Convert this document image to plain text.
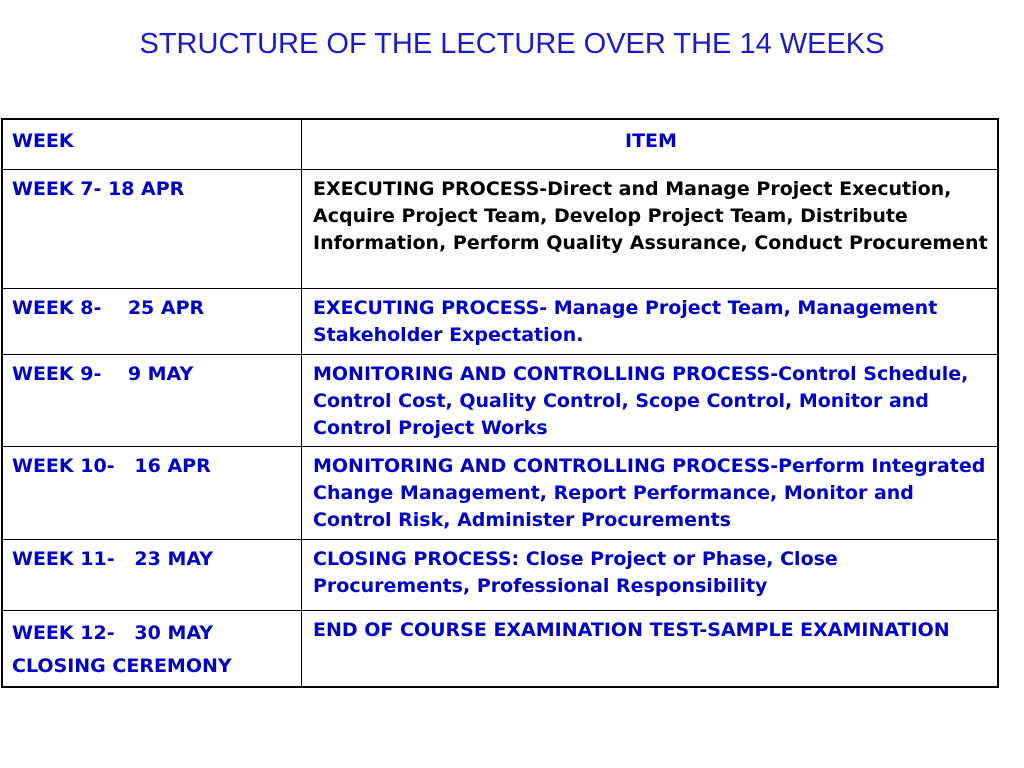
STRUCTURE OF THE LECTURE OVER THE 14 WEEKS
WEEK	ITEM
WEEK 7- 18 APR	EXECUTING PROCESS-Direct and Manage Project Execution, Acquire Project Team, Develop Project Team, Distribute Information, Perform Quality Assurance, Conduct Procurement
WEEK 8-    25 APR	EXECUTING PROCESS- Manage Project Team, Management Stakeholder Expectation.
WEEK 9-    9 MAY	MONITORING AND CONTROLLING PROCESS-Control Schedule, Control Cost, Quality Control, Scope Control, Monitor and Control Project Works
WEEK 10-   16 APR	MONITORING AND CONTROLLING PROCESS-Perform Integrated Change Management, Report Performance, Monitor and Control Risk, Administer Procurements
WEEK 11-   23 MAY	CLOSING PROCESS: Close Project or Phase, Close Procurements, Professional Responsibility
WEEK 12-   30 MAY
CLOSING CEREMONY	END OF COURSE EXAMINATION TEST-SAMPLE EXAMINATION
